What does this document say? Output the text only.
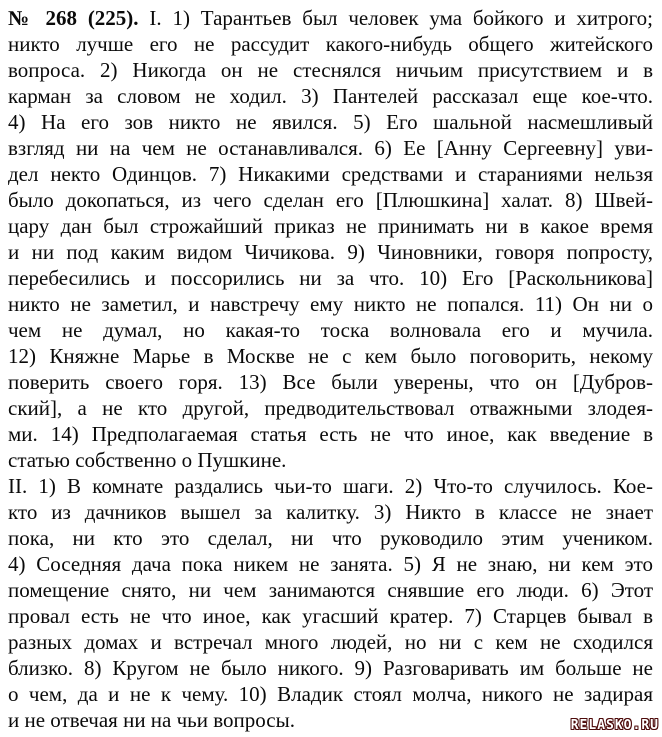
№ 268 (225). I. 1) Тарантьев был человек ума бойкого и хитрого;
никто лучше его не рассудит какого-нибудь общего житейского
вопроса. 2) Никогда он не стеснялся ничьим присутствием и в
карман за словом не ходил. 3) Пантелей рассказал еще кое-что.
4) На его зов никто не явился. 5) Его шальной насмешливый
взгляд ни на чем не останавливался. 6) Ее [Анну Сергеевну] уви-
дел некто Одинцов. 7) Никакими средствами и стараниями нельзя
было докопаться, из чего сделан его [Плюшкина] халат. 8) Швей-
цару дан был строжайший приказ не принимать ни в какое время
и ни под каким видом Чичикова. 9) Чиновники, говоря попросту,
перебесились и поссорились ни за что. 10) Его [Раскольникова]
никто не заметил, и навстречу ему никто не попался. 11) Он ни о
чем не думал, но какая-то тоска волновала его и мучила.
12) Княжне Марье в Москве не с кем было поговорить, некому
поверить своего горя. 13) Все были уверены, что он [Дубров-
ский], а не кто другой, предводительствовал отважными злодея-
ми. 14) Предполагаемая статья есть не что иное, как введение в
статью собственно о Пушкине.
II. 1) В комнате раздались чьи-то шаги. 2) Что-то случилось. Кое-
кто из дачников вышел за калитку. 3) Никто в классе не знает
пока, ни кто это сделал, ни что руководило этим учеником.
4) Соседняя дача пока никем не занята. 5) Я не знаю, ни кем это
помещение снято, ни чем занимаются снявшие его люди. 6) Этот
провал есть не что иное, как угасший кратер. 7) Старцев бывал в
разных домах и встречал много людей, но ни с кем не сходился
близко. 8) Кругом не было никого. 9) Разговаривать им больше не
о чем, да и не к чему. 10) Владик стоял молча, никого не задирая
и не отвечая ни на чьи вопросы.	RELASKO.RU
